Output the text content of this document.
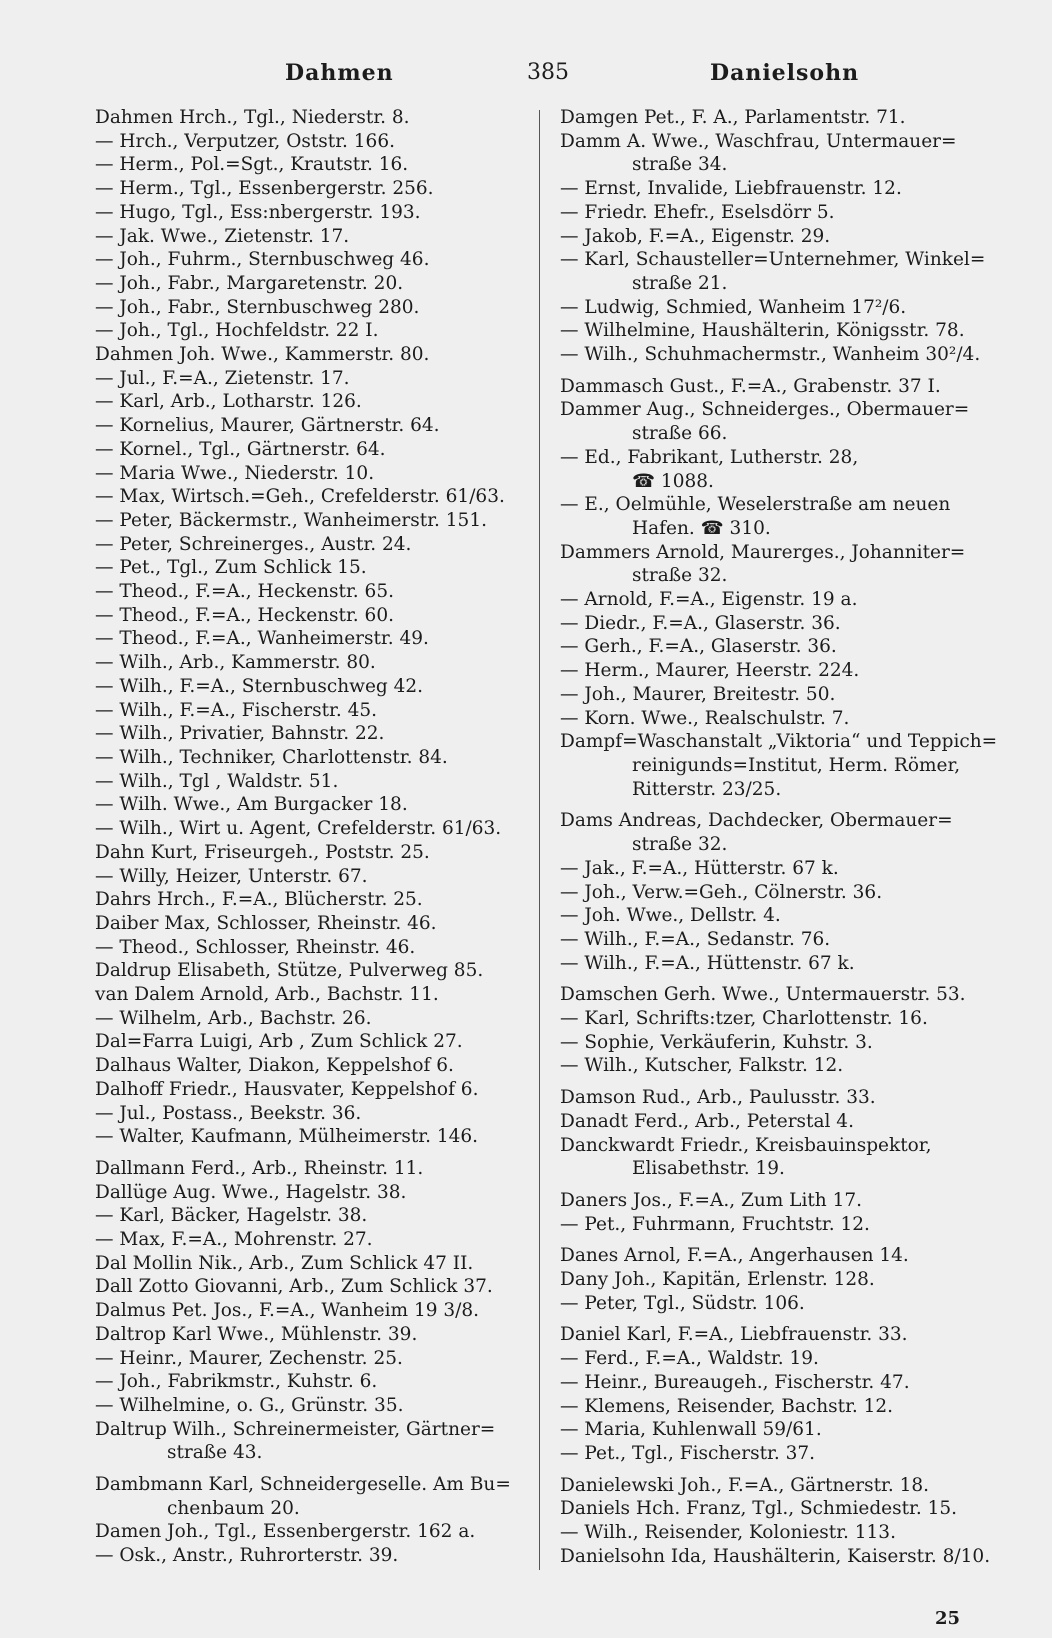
Dahmen	385	Danielsohn
Dahmen Hrch., Tgl., Niederstr. 8.
— Hrch., Verputzer, Oststr. 166.
— Herm., Pol.=Sgt., Krautstr. 16.
— Herm., Tgl., Essenbergerstr. 256.
— Hugo, Tgl., Ess:nbergerstr. 193.
— Jak. Wwe., Zietenstr. 17.
— Joh., Fuhrm., Sternbuschweg 46.
— Joh., Fabr., Margaretenstr. 20.
— Joh., Fabr., Sternbuschweg 280.
— Joh., Tgl., Hochfeldstr. 22 I.
Dahmen Joh. Wwe., Kammerstr. 80.
— Jul., F.=A., Zietenstr. 17.
— Karl, Arb., Lotharstr. 126.
— Kornelius, Maurer, Gärtnerstr. 64.
— Kornel., Tgl., Gärtnerstr. 64.
— Maria Wwe., Niederstr. 10.
— Max, Wirtsch.=Geh., Crefelderstr. 61/63.
— Peter, Bäckermstr., Wanheimerstr. 151.
— Peter, Schreinerges., Austr. 24.
— Pet., Tgl., Zum Schlick 15.
— Theod., F.=A., Heckenstr. 65.
— Theod., F.=A., Heckenstr. 60.
— Theod., F.=A., Wanheimerstr. 49.
— Wilh., Arb., Kammerstr. 80.
— Wilh., F.=A., Sternbuschweg 42.
— Wilh., F.=A., Fischerstr. 45.
— Wilh., Privatier, Bahnstr. 22.
— Wilh., Techniker, Charlottenstr. 84.
— Wilh., Tgl , Waldstr. 51.
— Wilh. Wwe., Am Burgacker 18.
— Wilh., Wirt u. Agent, Crefelderstr. 61/63.
Dahn Kurt, Friseurgeh., Poststr. 25.
— Willy, Heizer, Unterstr. 67.
Dahrs Hrch., F.=A., Blücherstr. 25.
Daiber Max, Schlosser, Rheinstr. 46.
— Theod., Schlosser, Rheinstr. 46.
Daldrup Elisabeth, Stütze, Pulverweg 85.
van Dalem Arnold, Arb., Bachstr. 11.
— Wilhelm, Arb., Bachstr. 26.
Dal=Farra Luigi, Arb , Zum Schlick 27.
Dalhaus Walter, Diakon, Keppelshof 6.
Dalhoff Friedr., Hausvater, Keppelshof 6.
— Jul., Postass., Beekstr. 36.
— Walter, Kaufmann, Mülheimerstr. 146.
Dallmann Ferd., Arb., Rheinstr. 11.
Dallüge Aug. Wwe., Hagelstr. 38.
— Karl, Bäcker, Hagelstr. 38.
— Max, F.=A., Mohrenstr. 27.
Dal Mollin Nik., Arb., Zum Schlick 47 II.
Dall Zotto Giovanni, Arb., Zum Schlick 37.
Dalmus Pet. Jos., F.=A., Wanheim 19 3/8.
Daltrop Karl Wwe., Mühlenstr. 39.
— Heinr., Maurer, Zechenstr. 25.
— Joh., Fabrikmstr., Kuhstr. 6.
— Wilhelmine, o. G., Grünstr. 35.
Daltrup Wilh., Schreinermeister, Gärtner=
straße 43.
Dambmann Karl, Schneidergeselle. Am Bu=
chenbaum 20.
Damen Joh., Tgl., Essenbergerstr. 162 a.
— Osk., Anstr., Ruhrorterstr. 39.
Damgen Pet., F. A., Parlamentstr. 71.
Damm A. Wwe., Waschfrau, Untermauer=
straße 34.
— Ernst, Invalide, Liebfrauenstr. 12.
— Friedr. Ehefr., Eselsdörr 5.
— Jakob, F.=A., Eigenstr. 29.
— Karl, Schausteller=Unternehmer, Winkel=
straße 21.
— Ludwig, Schmied, Wanheim 17²/6.
— Wilhelmine, Haushälterin, Königsstr. 78.
— Wilh., Schuhmachermstr., Wanheim 30²/4.
Dammasch Gust., F.=A., Grabenstr. 37 I.
Dammer Aug., Schneiderges., Obermauer=
straße 66.
— Ed., Fabrikant, Lutherstr. 28,
☎ 1088.
— E., Oelmühle, Weselerstraße am neuen
Hafen. ☎ 310.
Dammers Arnold, Maurerges., Johanniter=
straße 32.
— Arnold, F.=A., Eigenstr. 19 a.
— Diedr., F.=A., Glaserstr. 36.
— Gerh., F.=A., Glaserstr. 36.
— Herm., Maurer, Heerstr. 224.
— Joh., Maurer, Breitestr. 50.
— Korn. Wwe., Realschulstr. 7.
Dampf=Waschanstalt „Viktoria“ und Teppich=
reinigunds=Institut, Herm. Römer,
Ritterstr. 23/25.
Dams Andreas, Dachdecker, Obermauer=
straße 32.
— Jak., F.=A., Hütterstr. 67 k.
— Joh., Verw.=Geh., Cölnerstr. 36.
— Joh. Wwe., Dellstr. 4.
— Wilh., F.=A., Sedanstr. 76.
— Wilh., F.=A., Hüttenstr. 67 k.
Damschen Gerh. Wwe., Untermauerstr. 53.
— Karl, Schrifts:tzer, Charlottenstr. 16.
— Sophie, Verkäuferin, Kuhstr. 3.
— Wilh., Kutscher, Falkstr. 12.
Damson Rud., Arb., Paulusstr. 33.
Danadt Ferd., Arb., Peterstal 4.
Danckwardt Friedr., Kreisbauinspektor,
Elisabethstr. 19.
Daners Jos., F.=A., Zum Lith 17.
— Pet., Fuhrmann, Fruchtstr. 12.
Danes Arnol, F.=A., Angerhausen 14.
Dany Joh., Kapitän, Erlenstr. 128.
— Peter, Tgl., Südstr. 106.
Daniel Karl, F.=A., Liebfrauenstr. 33.
— Ferd., F.=A., Waldstr. 19.
— Heinr., Bureaugeh., Fischerstr. 47.
— Klemens, Reisender, Bachstr. 12.
— Maria, Kuhlenwall 59/61.
— Pet., Tgl., Fischerstr. 37.
Danielewski Joh., F.=A., Gärtnerstr. 18.
Daniels Hch. Franz, Tgl., Schmiedestr. 15.
— Wilh., Reisender, Koloniestr. 113.
Danielsohn Ida, Haushälterin, Kaiserstr. 8/10.
25
